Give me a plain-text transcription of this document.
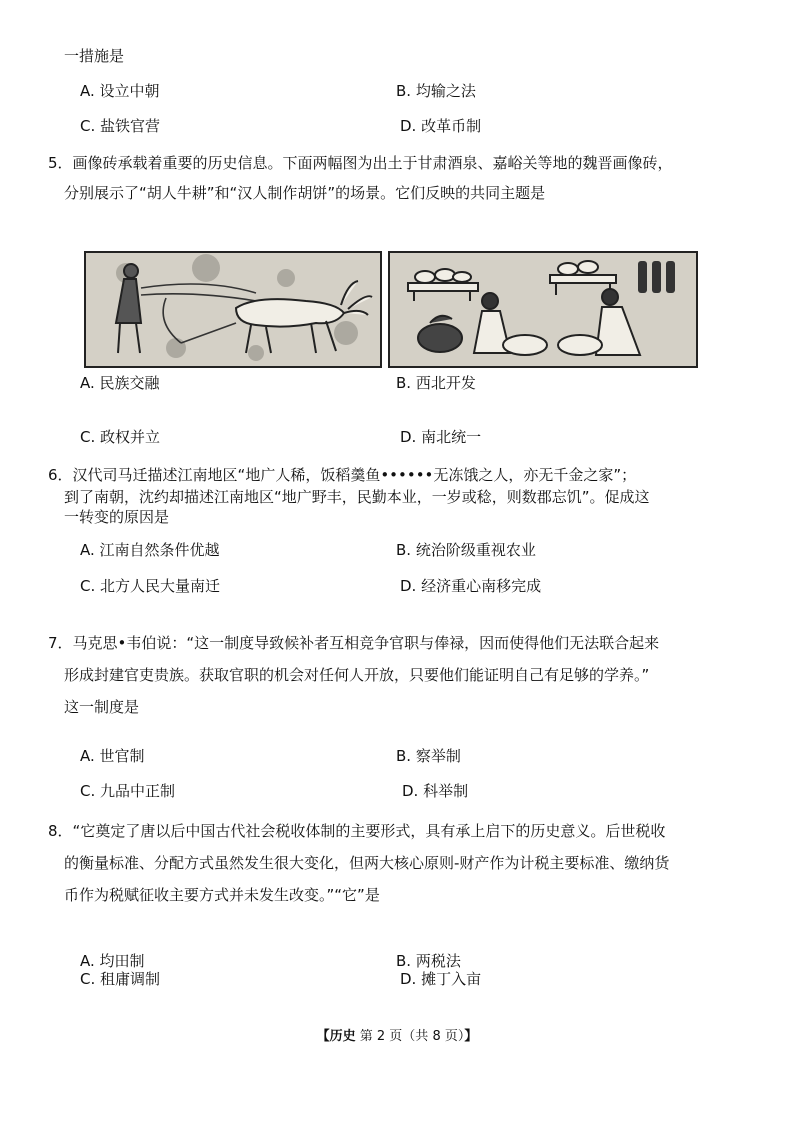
一措施是
A. 设立中朝	B. 均输之法
C. 盐铁官营	D. 改革币制
5．画像砖承载着重要的历史信息。下面两幅图为出土于甘肃酒泉、嘉峪关等地的魏晋画像砖，
分别展示了“胡人牛耕”和“汉人制作胡饼”的场景。它们反映的共同主题是
A. 民族交融	B. 西北开发
C. 政权并立	D. 南北统一
6．汉代司马迁描述江南地区“地广人稀，饭稻羹鱼••••••无冻饿之人，亦无千金之家”；
到了南朝，沈约却描述江南地区“地广野丰，民勤本业，一岁或稔，则数郡忘饥”。促成这
一转变的原因是
A. 江南自然条件优越	B. 统治阶级重视农业
C. 北方人民大量南迁	D. 经济重心南移完成
7．马克思•韦伯说：“这一制度导致候补者互相竞争官职与俸禄，因而使得他们无法联合起来
形成封建官吏贵族。获取官职的机会对任何人开放，只要他们能证明自己有足够的学养。”
这一制度是
A. 世官制	B. 察举制
C. 九品中正制	D. 科举制
8．“它奠定了唐以后中国古代社会税收体制的主要形式，具有承上启下的历史意义。后世税收
的衡量标准、分配方式虽然发生很大变化，但两大核心原则-财产作为计税主要标准、缴纳货
币作为税赋征收主要方式并未发生改变。”“它”是
A. 均田制	B. 两税法
C. 租庸调制	D. 摊丁入亩
【历史 第 2 页（共 8 页）】
